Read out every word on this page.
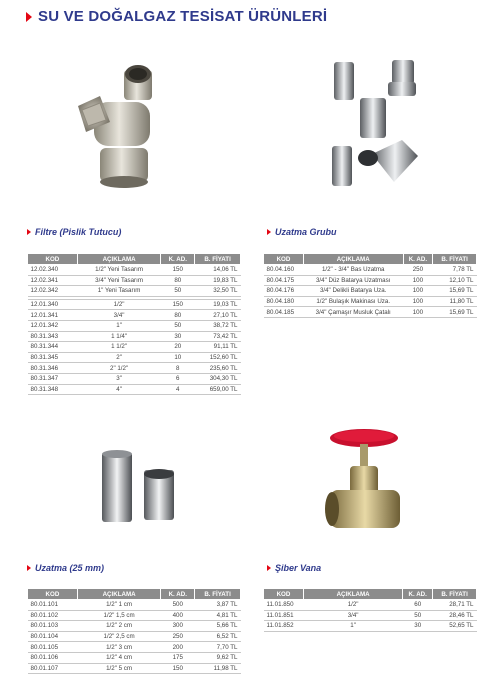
SU VE DOĞALGAZ TESİSAT ÜRÜNLERİ
Filtre (Pislik Tutucu)
KOD	AÇIKLAMA	K. AD.	B. FİYATI
12.02.340	1/2" Yeni Tasarım	150	14,06 TL
12.02.341	3/4" Yeni Tasarım	80	19,83 TL
12.02.342	1" Yeni Tasarım	50	32,50 TL

12.01.340	1/2"	150	19,03 TL
12.01.341	3/4"	80	27,10 TL
12.01.342	1"	50	38,72 TL
80.31.343	1 1/4"	30	73,42 TL
80.31.344	1 1/2"	20	91,11 TL
80.31.345	2"	10	152,60 TL
80.31.346	2" 1/2"	8	235,60 TL
80.31.347	3"	6	304,30 TL
80.31.348	4"	4	659,00 TL
Uzatma Grubu
KOD	AÇIKLAMA	K. AD.	B. FİYATI
80.04.160	1/2" - 3/4" Bas Uzatma	250	7,78 TL
80.04.175	3/4" Düz Batarya Uzatması	100	12,10 TL
80.04.176	3/4" Delikli Batarya Uza.	100	15,69 TL
80.04.180	1/2" Bulaşık Makinası Uza.	100	11,80 TL
80.04.185	3/4" Çamaşır Musluk Çatalı	100	15,69 TL
Uzatma (25 mm)
KOD	AÇIKLAMA	K. AD.	B. FİYATI
80.01.101	1/2" 1 cm	500	3,87 TL
80.01.102	1/2" 1,5 cm	400	4,81 TL
80.01.103	1/2" 2 cm	300	5,66 TL
80.01.104	1/2" 2,5 cm	250	6,52 TL
80.01.105	1/2" 3 cm	200	7,70 TL
80.01.106	1/2" 4 cm	175	9,62 TL
80.01.107	1/2" 5 cm	150	11,98 TL
Şiber Vana
KOD	AÇIKLAMA	K. AD.	B. FİYATI
11.01.850	1/2"	60	28,71 TL
11.01.851	3/4"	50	28,46 TL
11.01.852	1"	30	52,65 TL
